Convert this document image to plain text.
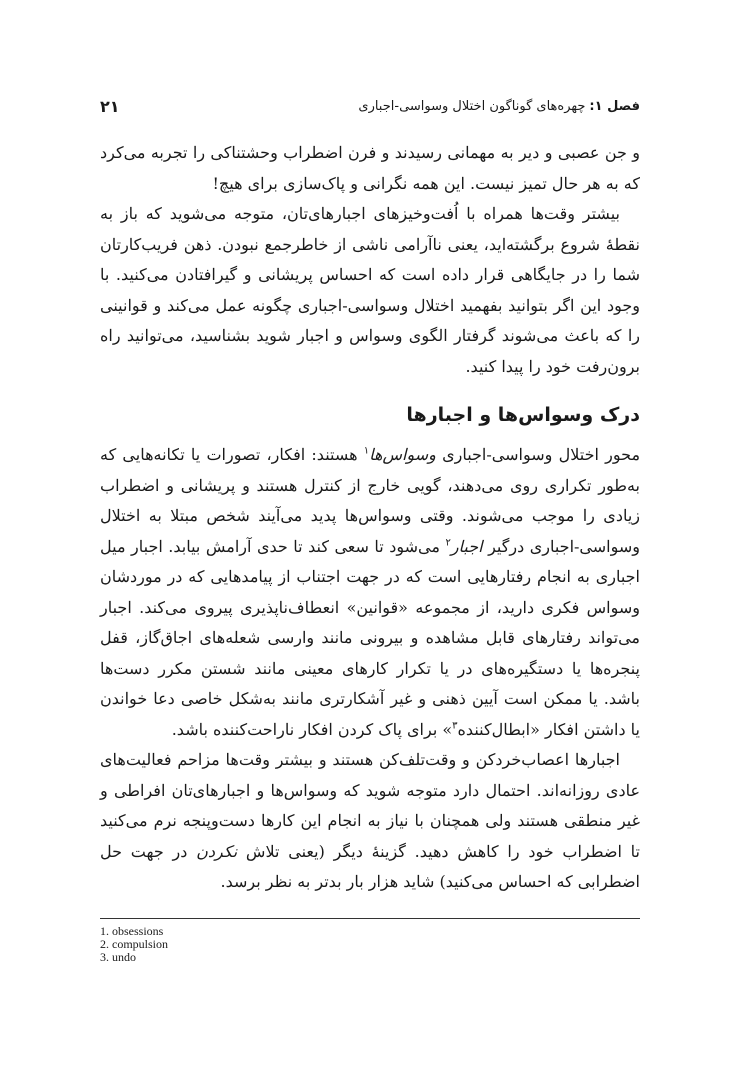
فصل ۱:
چهره‌های گوناگون اختلال وسواسی-اجباری
۲۱

و جن عصبی و دیر به مهمانی رسیدند و فرن اضطراب وحشتناکی را تجربه می‌کرد که به هر حال تمیز نیست. این همه نگرانی و پاک‌سازی برای هیچ!

بیشتر وقت‌ها همراه با اُفت‌وخیزهای اجبارهای‌تان، متوجه می‌شوید که باز به نقطهٔ شروع برگشته‌اید، یعنی ناآرامی ناشی از خاطرجمع نبودن. ذهن فریب‌کارتان شما را در جایگاهی قرار داده است که احساس پریشانی و گیرافتادن می‌کنید. با وجود این اگر بتوانید بفهمید اختلال وسواسی-اجباری چگونه عمل می‌کند و قوانینی را که باعث می‌شوند گرفتار الگوی وسواس و اجبار شوید بشناسید، می‌توانید راه برون‌رفت خود را پیدا کنید.

درک وسواس‌ها و اجبارها

محور اختلال وسواسی-اجباری وسواس‌ها$^۱$ هستند: افکار، تصورات یا تکانه‌هایی که به‌طور تکراری روی می‌دهند، گویی خارج از کنترل هستند و پریشانی و اضطراب زیادی را موجب می‌شوند. وقتی وسواس‌ها پدید می‌آیند شخص مبتلا به اختلال وسواسی-اجباری درگیر اجبار$^۲$ می‌شود تا سعی کند تا حدی آرامش بیابد. اجبار میل اجباری به انجام رفتارهایی است که در جهت اجتناب از پیامدهایی که در موردشان وسواس فکری دارید، از مجموعه «قوانین» انعطاف‌ناپذیری پیروی می‌کند. اجبار می‌تواند رفتارهای قابل مشاهده و بیرونی مانند وارسی شعله‌های اجاق‌گاز، قفل پنجره‌ها یا دستگیره‌های در یا تکرار کارهای معینی مانند شستن مکرر دست‌ها باشد. یا ممکن است آیین ذهنی و غیر آشکارتری مانند به‌شکل خاصی دعا خواندن یا داشتن افکار «ابطال‌کننده$^۳$» برای پاک کردن افکار ناراحت‌کننده باشد.

اجبارها اعصاب‌خردکن و وقت‌تلف‌کن هستند و بیشتر وقت‌ها مزاحم فعالیت‌های عادی روزانه‌اند. احتمال دارد متوجه شوید که وسواس‌ها و اجبارهای‌تان افراطی و غیر منطقی هستند ولی همچنان با نیاز به انجام این کارها دست‌وپنجه نرم می‌کنید تا اضطراب خود را کاهش دهید. گزینهٔ دیگر (یعنی تلاش نکردن در جهت حل اضطرابی که احساس می‌کنید) شاید هزار بار بدتر به نظر برسد.

1. obsessions
2. compulsion
3. undo
